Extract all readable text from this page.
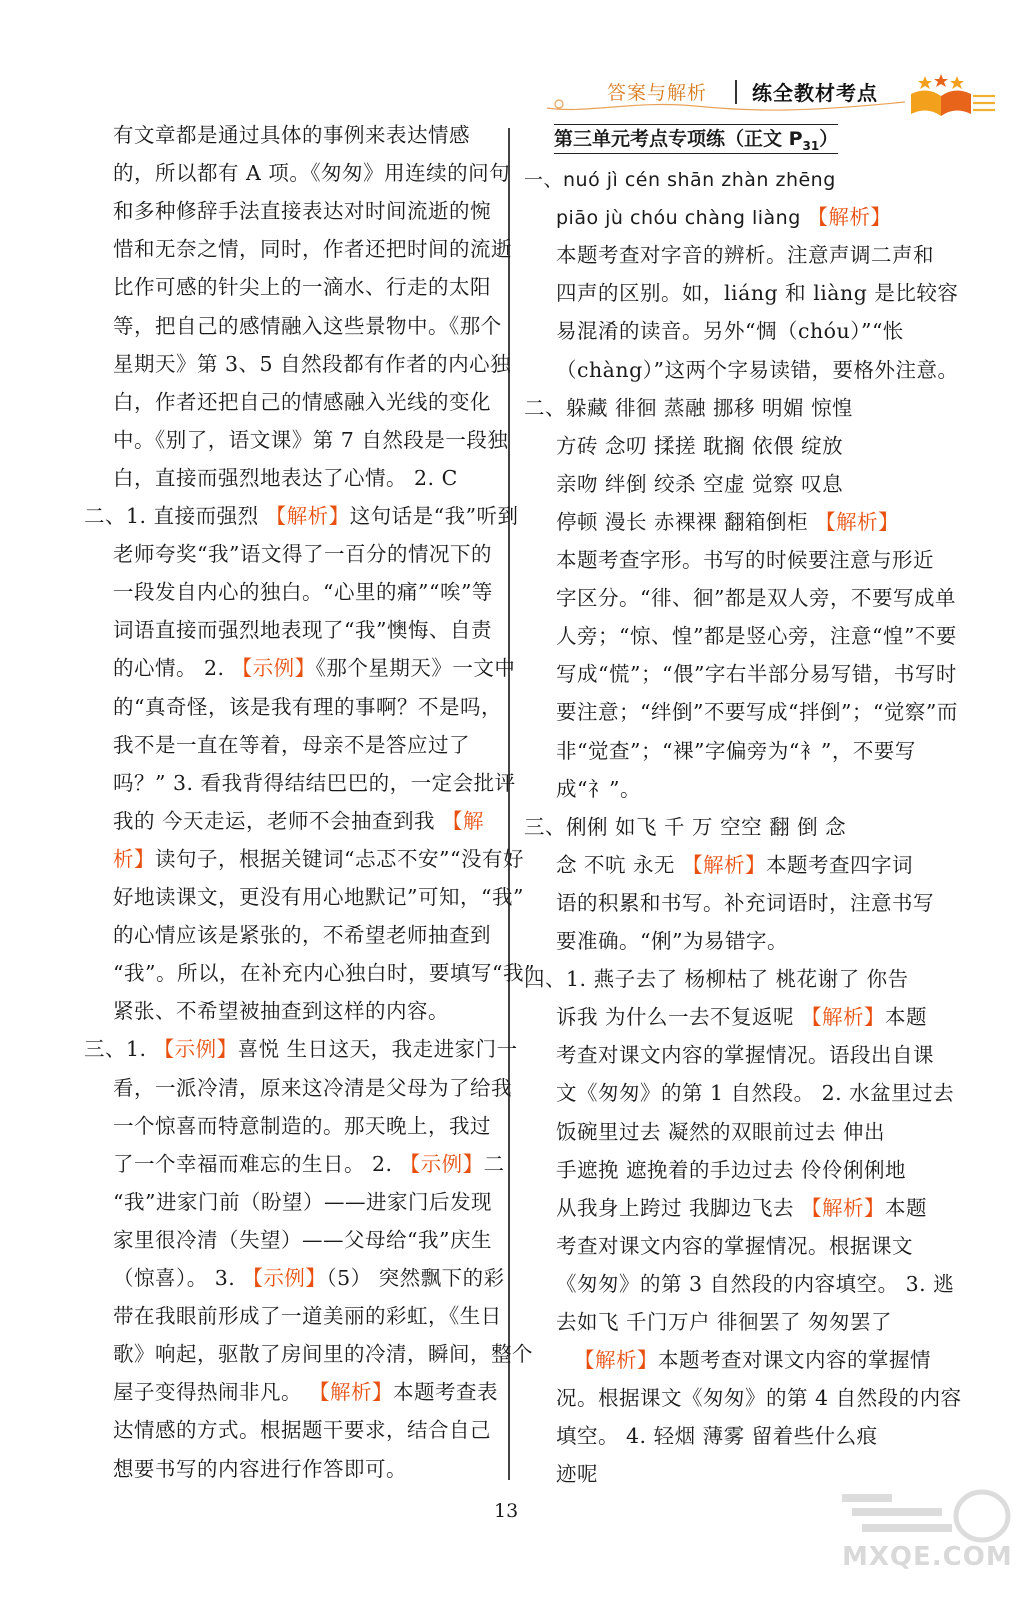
答案与解析 练全教材考点
有文章都是通过具体的事例来表达情感
的，所以都有 A 项。《匆匆》用连续的问句
和多种修辞手法直接表达对时间流逝的惋
惜和无奈之情，同时，作者还把时间的流逝
比作可感的针尖上的一滴水、行走的太阳
等，把自己的感情融入这些景物中。《那个
星期天》第 3、5 自然段都有作者的内心独
白，作者还把自己的情感融入光线的变化
中。《别了，语文课》第 7 自然段是一段独
白，直接而强烈地表达了心情。 2. C
二、1. 直接而强烈 【解析】这句话是“我”听到
老师夸奖“我”语文得了一百分的情况下的
一段发自内心的独白。“心里的痛”“唉”等
词语直接而强烈地表现了“我”懊悔、自责
的心情。 2. 【示例】《那个星期天》一文中
的“真奇怪，该是我有理的事啊？不是吗，
我不是一直在等着，母亲不是答应过了
吗？” 3. 看我背得结结巴巴的，一定会批评
我的 今天走运，老师不会抽查到我 【解
析】读句子，根据关键词“忐忑不安”“没有好
好地读课文，更没有用心地默记”可知，“我”
的心情应该是紧张的，不希望老师抽查到
“我”。所以，在补充内心独白时，要填写“我”
紧张、不希望被抽查到这样的内容。
三、1. 【示例】喜悦 生日这天，我走进家门一
看，一派冷清，原来这冷清是父母为了给我
一个惊喜而特意制造的。那天晚上，我过
了一个幸福而难忘的生日。 2. 【示例】二
“我”进家门前（盼望）——进家门后发现
家里很冷清（失望）——父母给“我”庆生
（惊喜）。 3. 【示例】（5） 突然飘下的彩
带在我眼前形成了一道美丽的彩虹，《生日
歌》响起，驱散了房间里的冷清，瞬间，整个
屋子变得热闹非凡。 【解析】本题考查表
达情感的方式。根据题干要求，结合自己
想要书写的内容进行作答即可。
第三单元考点专项练（正文 $P_{31}$）
一、nuó jì cén shān zhàn zhēng
piāo jù chóu chàng liàng 【解析】
本题考查对字音的辨析。注意声调二声和
四声的区别。如，liáng 和 liàng 是比较容
易混淆的读音。另外“惆（chóu）”“怅
（chàng）”这两个字易读错，要格外注意。
二、躲藏 徘徊 蒸融 挪移 明媚 惊惶
方砖 念叨 揉搓 耽搁 依偎 绽放
亲吻 绊倒 绞杀 空虚 觉察 叹息
停顿 漫长 赤裸裸 翻箱倒柜 【解析】
本题考查字形。书写的时候要注意与形近
字区分。“徘、徊”都是双人旁，不要写成单
人旁；“惊、惶”都是竖心旁，注意“惶”不要
写成“慌”；“偎”字右半部分易写错，书写时
要注意；“绊倒”不要写成“拌倒”；“觉察”而
非“觉查”；“裸”字偏旁为“衤”，不要写
成“礻”。
三、俐俐 如飞 千 万 空空 翻 倒 念
念 不吭 永无 【解析】本题考查四字词
语的积累和书写。补充词语时，注意书写
要准确。“俐”为易错字。
四、1. 燕子去了 杨柳枯了 桃花谢了 你告
诉我 为什么一去不复返呢 【解析】本题
考查对课文内容的掌握情况。语段出自课
文《匆匆》的第 1 自然段。 2. 水盆里过去
饭碗里过去 凝然的双眼前过去 伸出
手遮挽 遮挽着的手边过去 伶伶俐俐地
从我身上跨过 我脚边飞去 【解析】本题
考查对课文内容的掌握情况。根据课文
《匆匆》的第 3 自然段的内容填空。 3. 逃
去如飞 千门万户 徘徊罢了 匆匆罢了
【解析】本题考查对课文内容的掌握情
况。根据课文《匆匆》的第 4 自然段的内容
填空。 4. 轻烟 薄雾 留着些什么痕
迹呢
13
MXQE.COM
